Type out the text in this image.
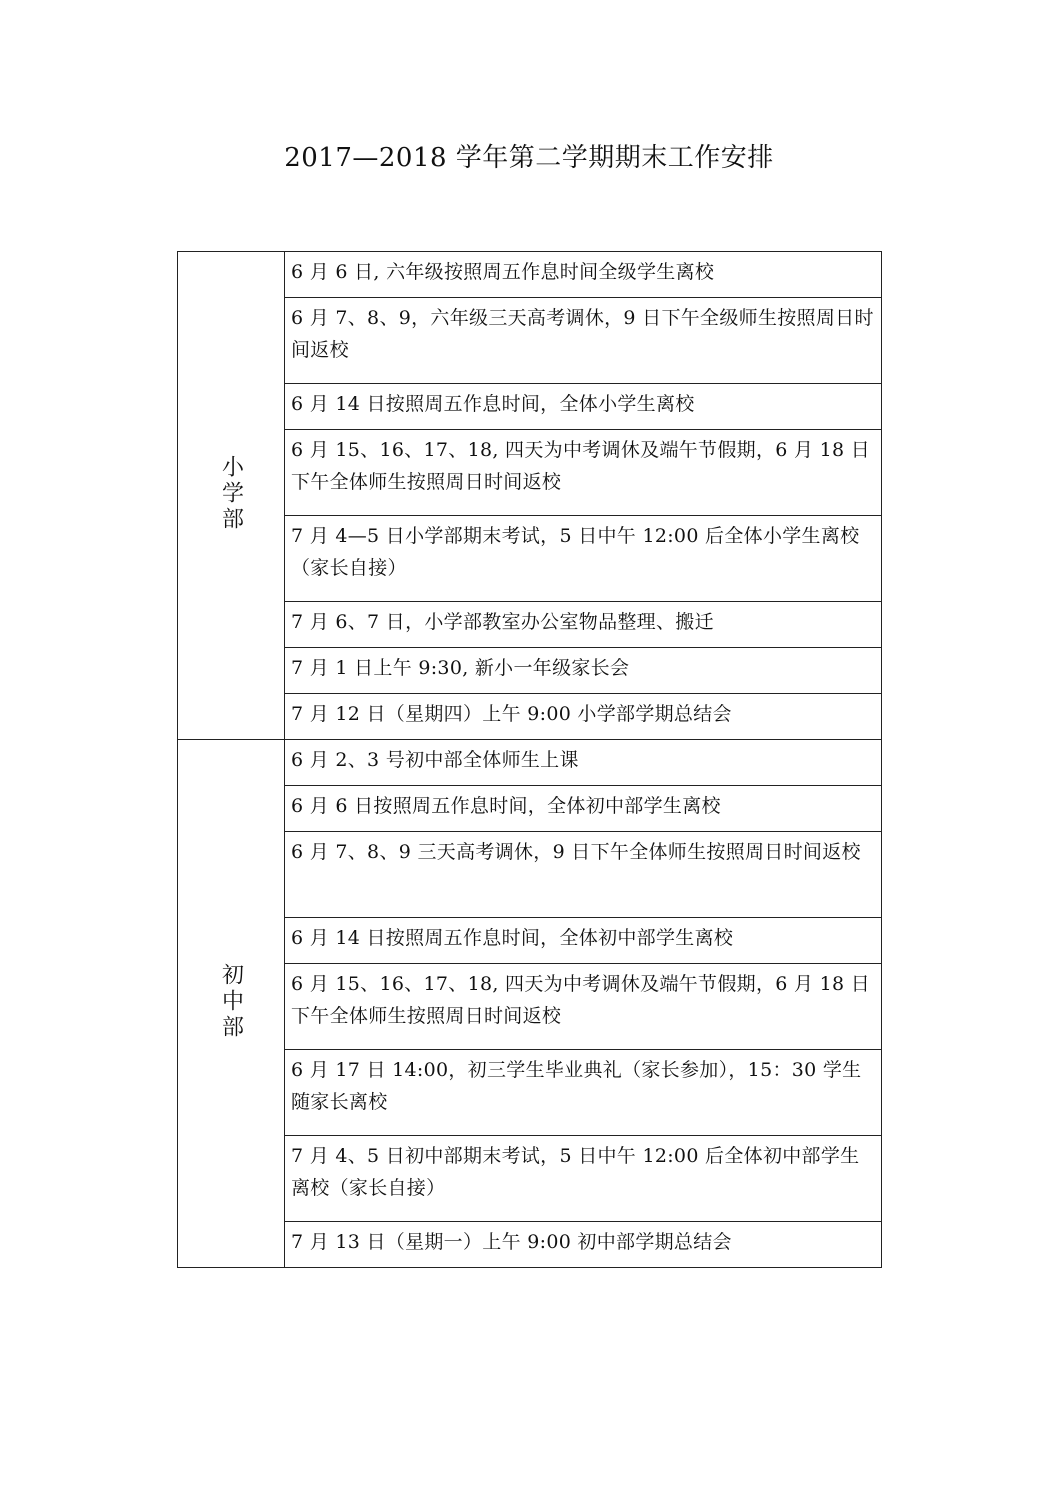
2017—2018 学年第二学期期末工作安排
小学部	6 月 6 日, 六年级按照周五作息时间全级学生离校
	6 月 7、8、9，六年级三天高考调休，9 日下午全级师生按照周日时间返校
	6 月 14 日按照周五作息时间，全体小学生离校
	6 月 15、16、17、18, 四天为中考调休及端午节假期，6 月 18 日下午全体师生按照周日时间返校
	7 月 4—5 日小学部期末考试，5 日中午 12:00 后全体小学生离校（家长自接）
	7 月 6、7 日，小学部教室办公室物品整理、搬迁
	7 月 1 日上午 9:30, 新小一年级家长会
	7 月 12 日（星期四）上午 9:00 小学部学期总结会
初中部	6 月 2、3 号初中部全体师生上课
	6 月 6 日按照周五作息时间，全体初中部学生离校
	6 月 7、8、9 三天高考调休，9 日下午全体师生按照周日时间返校
	6 月 14 日按照周五作息时间，全体初中部学生离校
	6 月 15、16、17、18, 四天为中考调休及端午节假期，6 月 18 日下午全体师生按照周日时间返校
	6 月 17 日 14:00，初三学生毕业典礼（家长参加），15：30 学生随家长离校
	7 月 4、5 日初中部期末考试，5 日中午 12:00 后全体初中部学生离校（家长自接）
	7 月 13 日（星期一）上午 9:00 初中部学期总结会
